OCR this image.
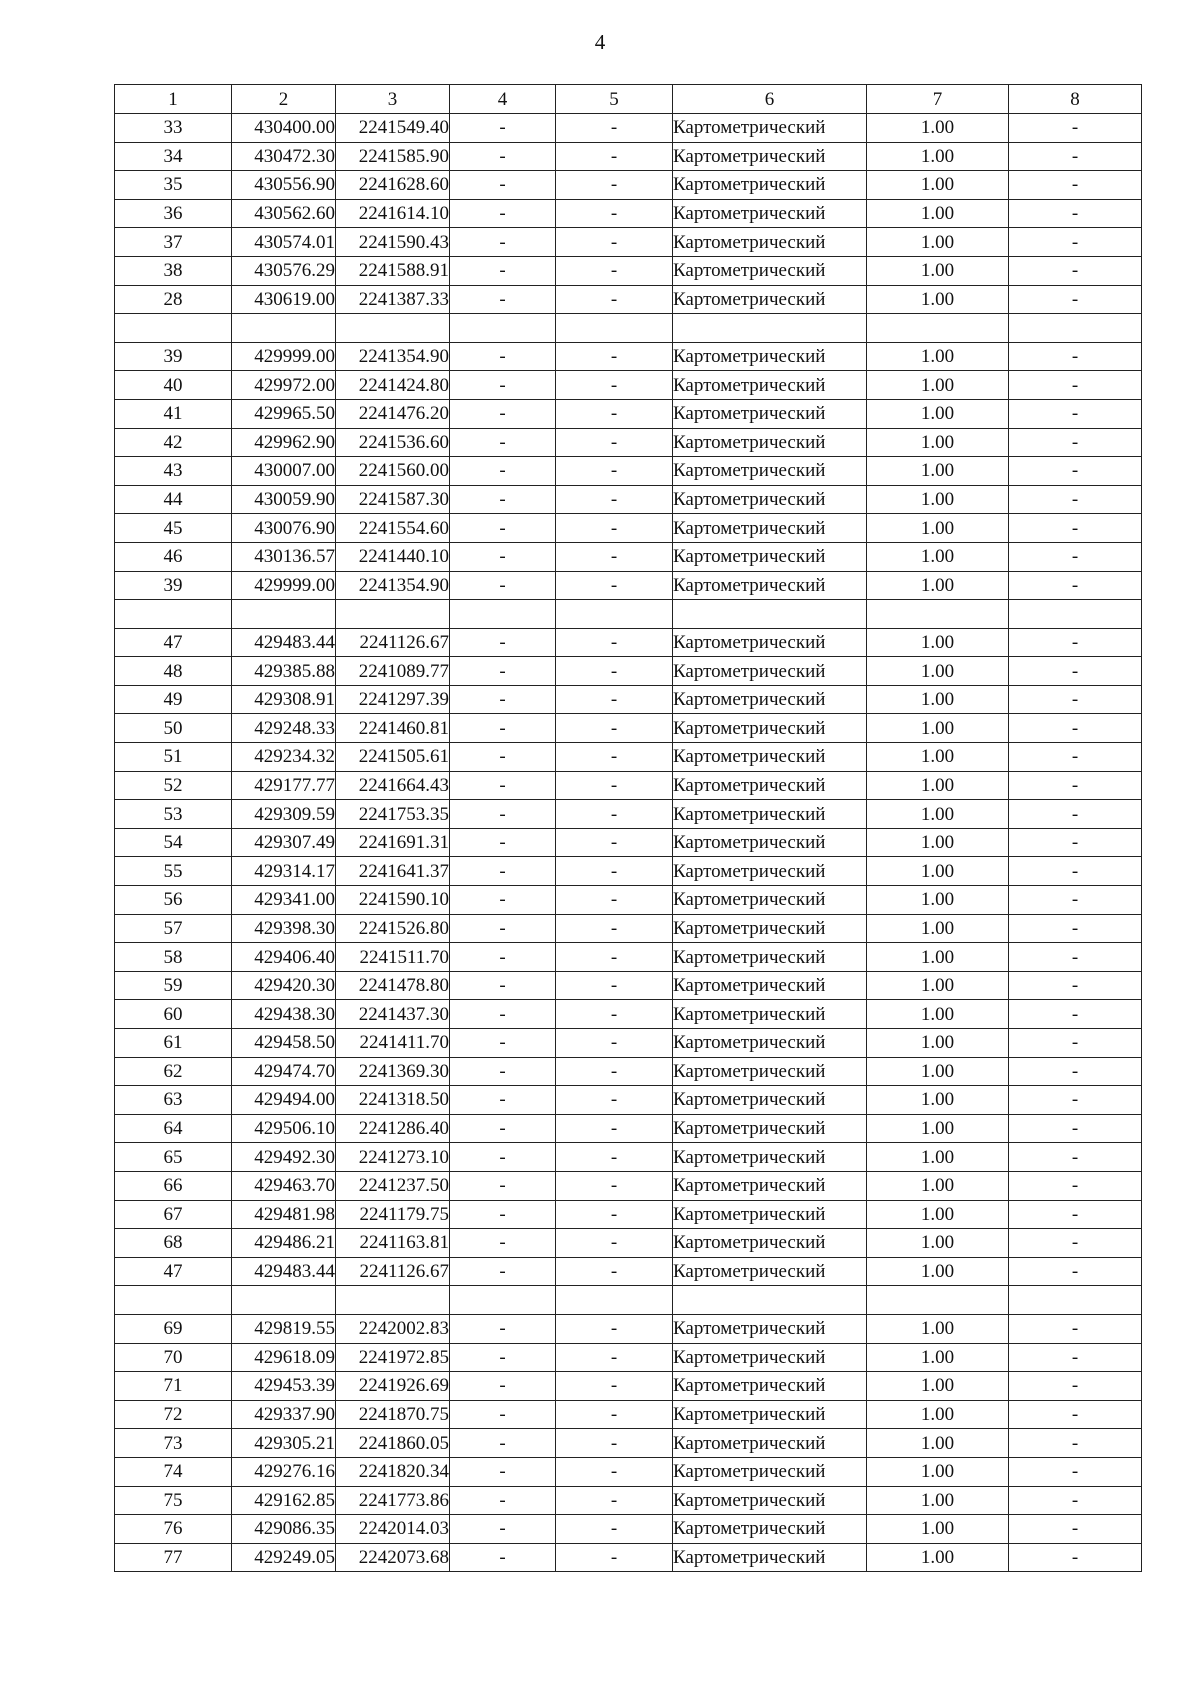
4
1	2	3	4	5	6	7	8
33	430400.00	2241549.40	-	-	Картометрический	1.00	-
34	430472.30	2241585.90	-	-	Картометрический	1.00	-
35	430556.90	2241628.60	-	-	Картометрический	1.00	-
36	430562.60	2241614.10	-	-	Картометрический	1.00	-
37	430574.01	2241590.43	-	-	Картометрический	1.00	-
38	430576.29	2241588.91	-	-	Картометрический	1.00	-
28	430619.00	2241387.33	-	-	Картометрический	1.00	-

39	429999.00	2241354.90	-	-	Картометрический	1.00	-
40	429972.00	2241424.80	-	-	Картометрический	1.00	-
41	429965.50	2241476.20	-	-	Картометрический	1.00	-
42	429962.90	2241536.60	-	-	Картометрический	1.00	-
43	430007.00	2241560.00	-	-	Картометрический	1.00	-
44	430059.90	2241587.30	-	-	Картометрический	1.00	-
45	430076.90	2241554.60	-	-	Картометрический	1.00	-
46	430136.57	2241440.10	-	-	Картометрический	1.00	-
39	429999.00	2241354.90	-	-	Картометрический	1.00	-

47	429483.44	2241126.67	-	-	Картометрический	1.00	-
48	429385.88	2241089.77	-	-	Картометрический	1.00	-
49	429308.91	2241297.39	-	-	Картометрический	1.00	-
50	429248.33	2241460.81	-	-	Картометрический	1.00	-
51	429234.32	2241505.61	-	-	Картометрический	1.00	-
52	429177.77	2241664.43	-	-	Картометрический	1.00	-
53	429309.59	2241753.35	-	-	Картометрический	1.00	-
54	429307.49	2241691.31	-	-	Картометрический	1.00	-
55	429314.17	2241641.37	-	-	Картометрический	1.00	-
56	429341.00	2241590.10	-	-	Картометрический	1.00	-
57	429398.30	2241526.80	-	-	Картометрический	1.00	-
58	429406.40	2241511.70	-	-	Картометрический	1.00	-
59	429420.30	2241478.80	-	-	Картометрический	1.00	-
60	429438.30	2241437.30	-	-	Картометрический	1.00	-
61	429458.50	2241411.70	-	-	Картометрический	1.00	-
62	429474.70	2241369.30	-	-	Картометрический	1.00	-
63	429494.00	2241318.50	-	-	Картометрический	1.00	-
64	429506.10	2241286.40	-	-	Картометрический	1.00	-
65	429492.30	2241273.10	-	-	Картометрический	1.00	-
66	429463.70	2241237.50	-	-	Картометрический	1.00	-
67	429481.98	2241179.75	-	-	Картометрический	1.00	-
68	429486.21	2241163.81	-	-	Картометрический	1.00	-
47	429483.44	2241126.67	-	-	Картометрический	1.00	-

69	429819.55	2242002.83	-	-	Картометрический	1.00	-
70	429618.09	2241972.85	-	-	Картометрический	1.00	-
71	429453.39	2241926.69	-	-	Картометрический	1.00	-
72	429337.90	2241870.75	-	-	Картометрический	1.00	-
73	429305.21	2241860.05	-	-	Картометрический	1.00	-
74	429276.16	2241820.34	-	-	Картометрический	1.00	-
75	429162.85	2241773.86	-	-	Картометрический	1.00	-
76	429086.35	2242014.03	-	-	Картометрический	1.00	-
77	429249.05	2242073.68	-	-	Картометрический	1.00	-
